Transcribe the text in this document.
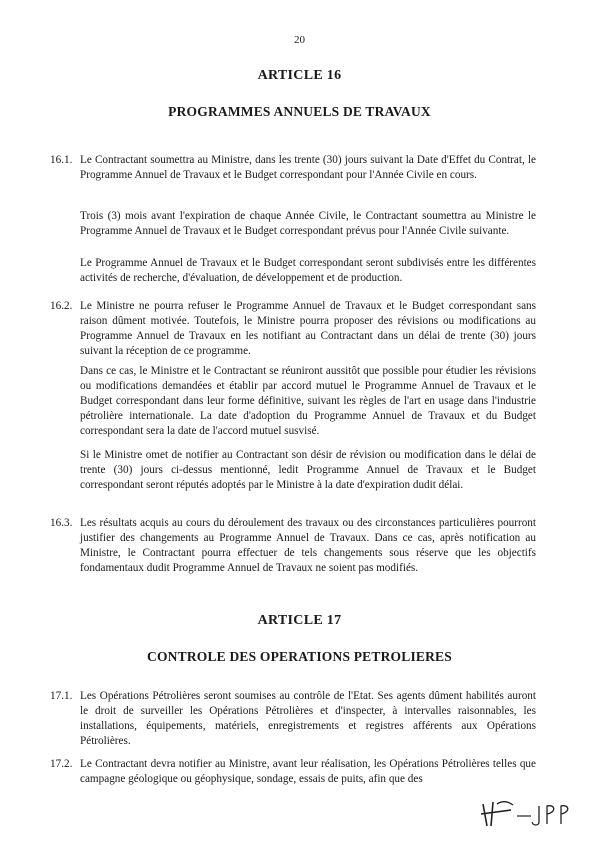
20
ARTICLE 16
PROGRAMMES ANNUELS DE TRAVAUX
16.1. Le Contractant soumettra au Ministre, dans les trente (30) jours suivant la Date d'Effet du Contrat, le Programme Annuel de Travaux et le Budget correspondant pour l'Année Civile en cours.
Trois (3) mois avant l'expiration de chaque Année Civile, le Contractant soumettra au Ministre le Programme Annuel de Travaux et le Budget correspondant prévus pour l'Année Civile suivante.
Le Programme Annuel de Travaux et le Budget correspondant seront subdivisés entre les différentes activités de recherche, d'évaluation, de développement et de production.
16.2. Le Ministre ne pourra refuser le Programme Annuel de Travaux et le Budget correspondant sans raison dûment motivée. Toutefois, le Ministre pourra proposer des révisions ou modifications au Programme Annuel de Travaux en les notifiant au Contractant dans un délai de trente (30) jours suivant la réception de ce programme.
Dans ce cas, le Ministre et le Contractant se réuniront aussitôt que possible pour étudier les révisions ou modifications demandées et établir par accord mutuel le Programme Annuel de Travaux et le Budget correspondant dans leur forme définitive, suivant les règles de l'art en usage dans l'industrie pétrolière internationale. La date d'adoption du Programme Annuel de Travaux et du Budget correspondant sera la date de l'accord mutuel susvisé.
Si le Ministre omet de notifier au Contractant son désir de révision ou modification dans le délai de trente (30) jours ci-dessus mentionné, ledit Programme Annuel de Travaux et le Budget correspondant seront réputés adoptés par le Ministre à la date d'expiration dudit délai.
16.3. Les résultats acquis au cours du déroulement des travaux ou des circonstances particulières pourront justifier des changements au Programme Annuel de Travaux. Dans ce cas, après notification au Ministre, le Contractant pourra effectuer de tels changements sous réserve que les objectifs fondamentaux dudit Programme Annuel de Travaux ne soient pas modifiés.
ARTICLE 17
CONTROLE DES OPERATIONS PETROLIERES
17.1. Les Opérations Pétrolières seront soumises au contrôle de l'Etat. Ses agents dûment habilités auront le droit de surveiller les Opérations Pétrolières et d'inspecter, à intervalles raisonnables, les installations, équipements, matériels, enregistrements et registres afférents aux Opérations Pétrolières.
17.2. Le Contractant devra notifier au Ministre, avant leur réalisation, les Opérations Pétrolières telles que campagne géologique ou géophysique, sondage, essais de puits, afin que des
